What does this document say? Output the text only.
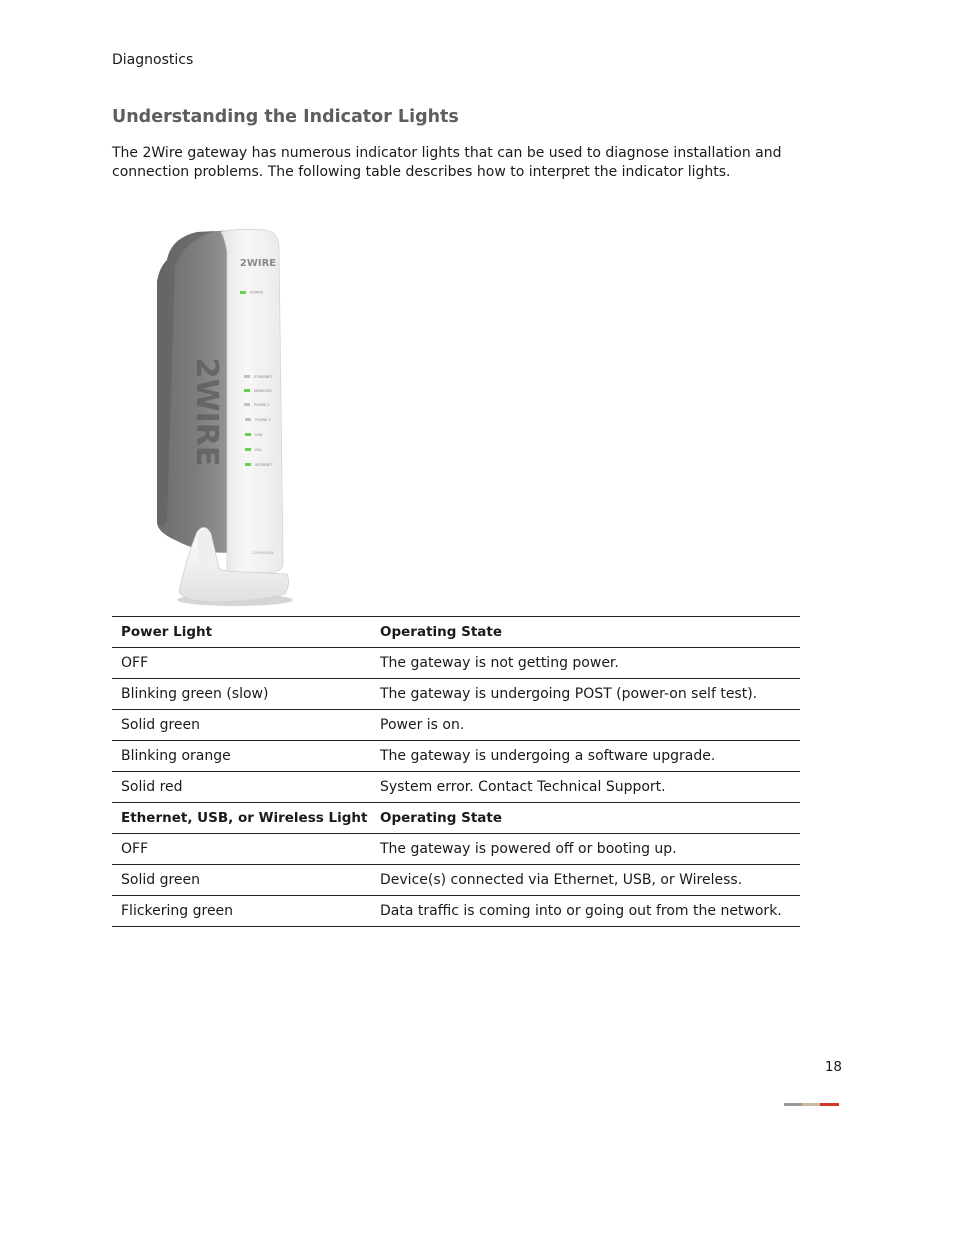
Diagnostics
Understanding the Indicator Lights

The 2Wire gateway has numerous indicator lights that can be used to diagnose installation and connection problems. The following table describes how to interpret the indicator lights.

2WIRE
2WIRE
POWER
ETHERNET
WIRELESS
PHONE 1
PHONE 2
USB
DSL
INTERNET
2701HGV-W
Power Light	Operating State
OFF	The gateway is not getting power.
Blinking green (slow)	The gateway is undergoing POST (power-on self test).
Solid green	Power is on.
Blinking orange	The gateway is undergoing a software upgrade.
Solid red	System error. Contact Technical Support.
Ethernet, USB, or Wireless Light	Operating State
OFF	The gateway is powered off or booting up.
Solid green	Device(s) connected via Ethernet, USB, or Wireless.
Flickering green	Data traffic is coming into or going out from the network.
18
